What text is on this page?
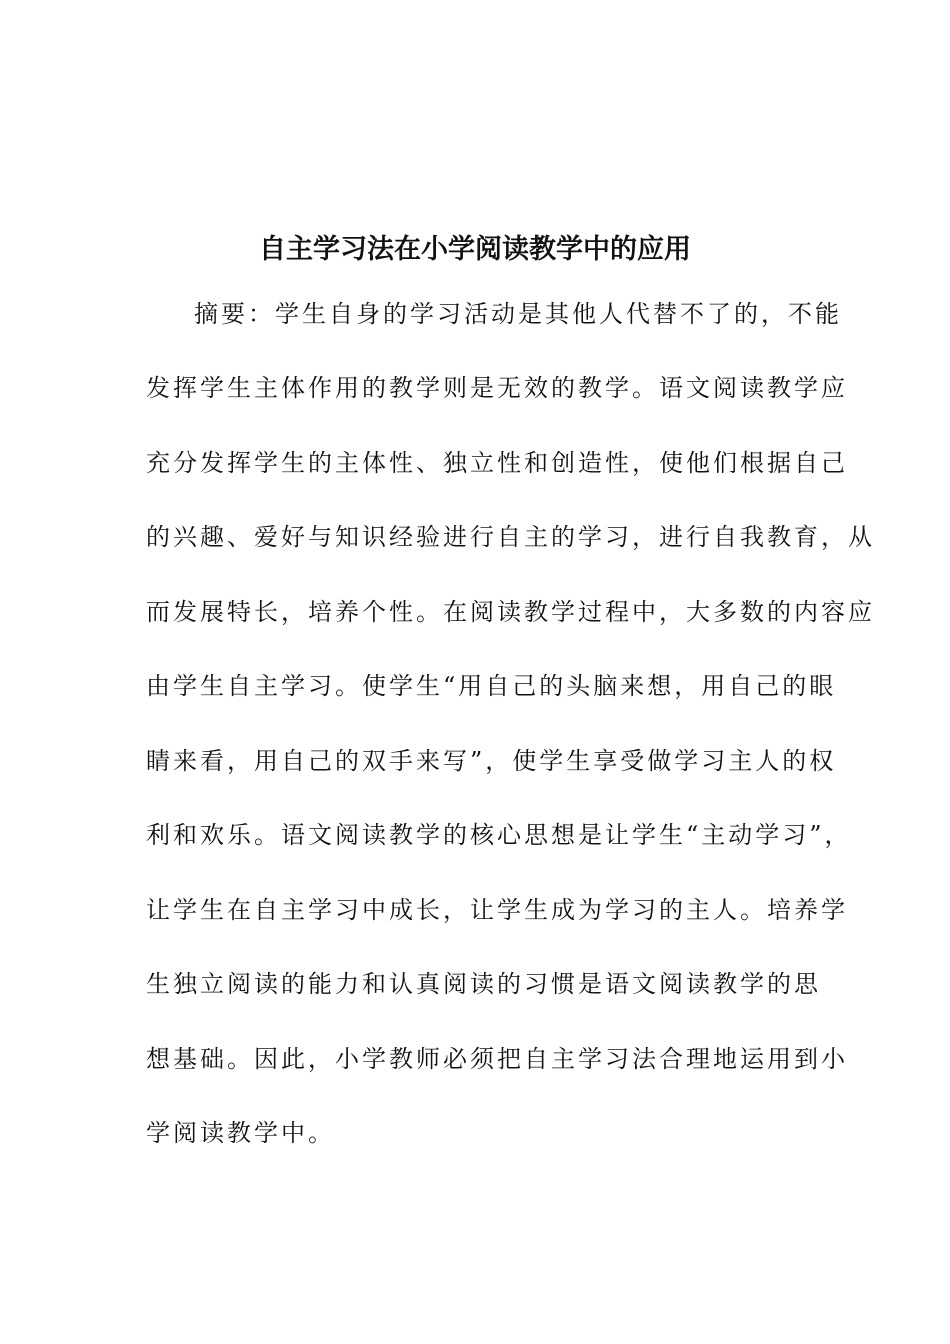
自主学习法在小学阅读教学中的应用

摘要：学生自身的学习活动是其他人代替不了的，不能

发挥学生主体作用的教学则是无效的教学。语文阅读教学应

充分发挥学生的主体性、独立性和创造性，使他们根据自己

的兴趣、爱好与知识经验进行自主的学习，进行自我教育，从

而发展特长，培养个性。在阅读教学过程中，大多数的内容应

由学生自主学习。使学生“用自己的头脑来想，用自己的眼

睛来看，用自己的双手来写”，使学生享受做学习主人的权

利和欢乐。语文阅读教学的核心思想是让学生“主动学习”，

让学生在自主学习中成长，让学生成为学习的主人。培养学

生独立阅读的能力和认真阅读的习惯是语文阅读教学的思

想基础。因此，小学教师必须把自主学习法合理地运用到小

学阅读教学中。
